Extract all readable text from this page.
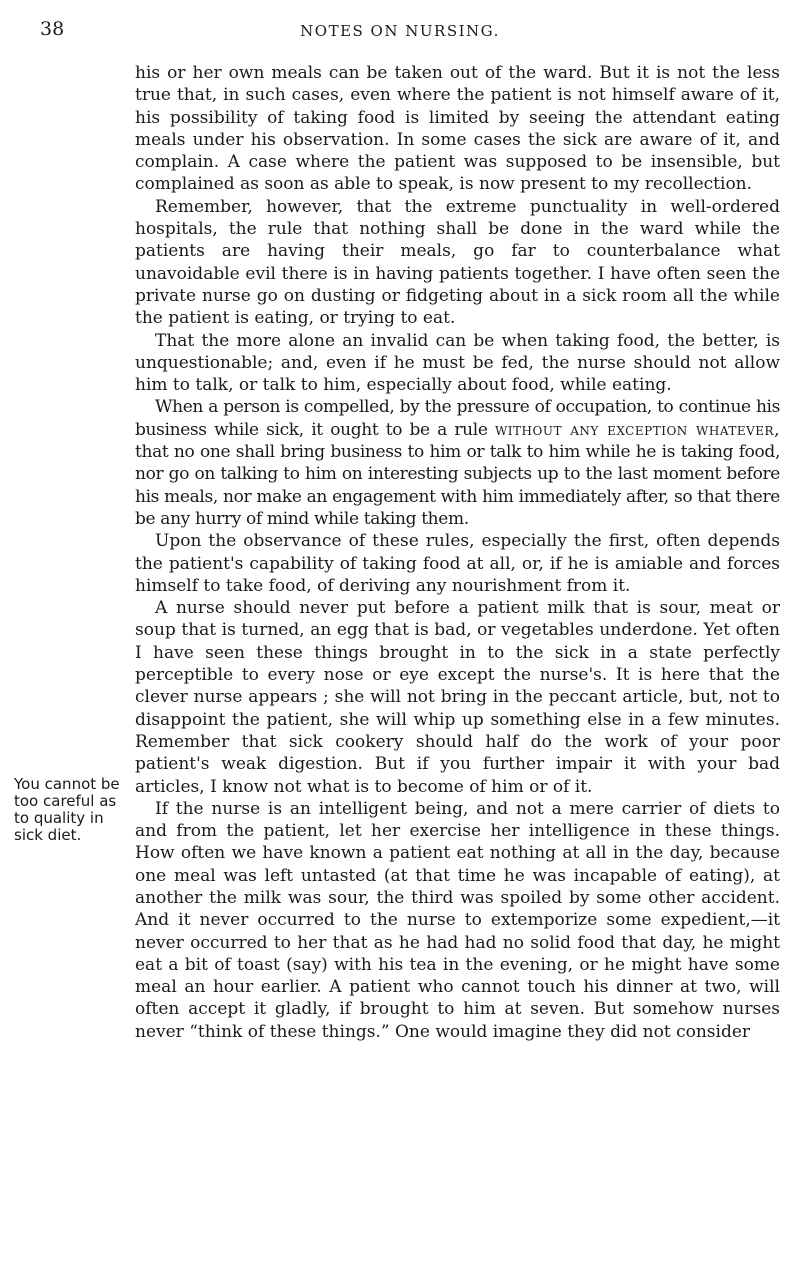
38	NOTES ON NURSING.
You cannot be too careful as to quality in sick diet.

his or her own meals can be taken out of the ward. But it is not the less true that, in such cases, even where the patient is not himself aware of it, his possibility of taking food is limited by seeing the attendant eating meals under his observation. In some cases the sick are aware of it, and complain. A case where the patient was supposed to be insensible, but complained as soon as able to speak, is now present to my recollection.

Remember, however, that the extreme punctuality in well-ordered hospitals, the rule that nothing shall be done in the ward while the patients are having their meals, go far to counterbalance what unavoidable evil there is in having patients together. I have often seen the private nurse go on dusting or fidgeting about in a sick room all the while the patient is eating, or trying to eat.

That the more alone an invalid can be when taking food, the better, is unquestionable; and, even if he must be fed, the nurse should not allow him to talk, or talk to him, especially about food, while eating.

When a person is compelled, by the pressure of occupation, to continue his business while sick, it ought to be a rule without any exception whatever, that no one shall bring business to him or talk to him while he is taking food, nor go on talking to him on interesting subjects up to the last moment before his meals, nor make an engagement with him immediately after, so that there be any hurry of mind while taking them.

Upon the observance of these rules, especially the first, often depends the patient's capability of taking food at all, or, if he is amiable and forces himself to take food, of deriving any nourishment from it.

A nurse should never put before a patient milk that is sour, meat or soup that is turned, an egg that is bad, or vegetables underdone. Yet often I have seen these things brought in to the sick in a state perfectly perceptible to every nose or eye except the nurse's. It is here that the clever nurse appears ; she will not bring in the peccant article, but, not to disappoint the patient, she will whip up something else in a few minutes. Remember that sick cookery should half do the work of your poor patient's weak digestion. But if you further impair it with your bad articles, I know not what is to become of him or of it.

If the nurse is an intelligent being, and not a mere carrier of diets to and from the patient, let her exercise her intelligence in these things. How often we have known a patient eat nothing at all in the day, because one meal was left untasted (at that time he was incapable of eating), at another the milk was sour, the third was spoiled by some other accident. And it never occurred to the nurse to extemporize some expedient,—it never occurred to her that as he had had no solid food that day, he might eat a bit of toast (say) with his tea in the evening, or he might have some meal an hour earlier. A patient who cannot touch his dinner at two, will often accept it gladly, if brought to him at seven. But somehow nurses never “think of these things.” One would imagine they did not consider
